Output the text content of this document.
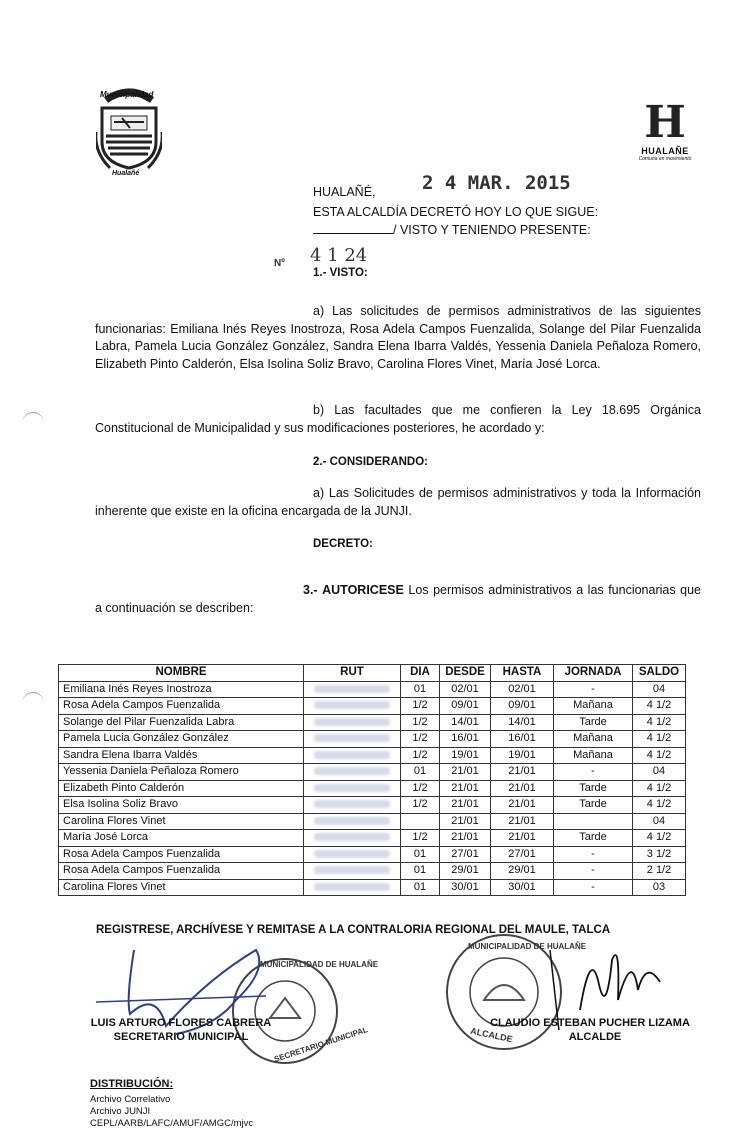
Municipalidad
Hualañé
H
HUALAÑE
Comuna en movimiento
HUALAÑÉ, 2 4 MAR. 2015
ESTA ALCALDÍA DECRETÓ HOY LO QUE SIGUE:
/ VISTO Y TENIENDO PRESENTE:
Nº 4 1 24
1.- VISTO:
a) Las solicitudes de permisos administrativos de las siguientes funcionarias: Emiliana Inés Reyes Inostroza, Rosa Adela Campos Fuenzalida, Solange del Pilar Fuenzalida Labra, Pamela Lucia González González, Sandra Elena Ibarra Valdés, Yessenia Daniela Peñaloza Romero, Elizabeth Pinto Calderón, Elsa Isolina Soliz Bravo, Carolina Flores Vinet, María José Lorca.
b) Las facultades que me confieren la Ley 18.695 Orgánica Constitucional de Municipalidad y sus modificaciones posteriores, he acordado y:
2.- CONSIDERANDO:
a) Las Solicitudes de permisos administrativos y toda la Información inherente que existe en la oficina encargada de la JUNJI.
DECRETO:
3.- AUTORICESE Los permisos administrativos a las funcionarias que a continuación se describen:
NOMBRE	RUT	DIA	DESDE	HASTA	JORNADA	SALDO
Emiliana Inés Reyes Inostroza		01	02/01	02/01	-	04
Rosa Adela Campos Fuenzalida		1/2	09/01	09/01	Mañana	4 1/2
Solange del Pilar Fuenzalida Labra		1/2	14/01	14/01	Tarde	4 1/2
Pamela Lucia González González		1/2	16/01	16/01	Mañana	4 1/2
Sandra Elena Ibarra Valdés		1/2	19/01	19/01	Mañana	4 1/2
Yessenia Daniela Peñaloza Romero		01	21/01	21/01	-	04
Elizabeth Pinto Calderón		1/2	21/01	21/01	Tarde	4 1/2
Elsa Isolina Soliz Bravo		1/2	21/01	21/01	Tarde	4 1/2
Carolina Flores Vinet			21/01	21/01		04
María José Lorca		1/2	21/01	21/01	Tarde	4 1/2
Rosa Adela Campos Fuenzalida		01	27/01	27/01	-	3 1/2
Rosa Adela Campos Fuenzalida		01	29/01	29/01	-	2 1/2
Carolina Flores Vinet		01	30/01	30/01	-	03
REGISTRESE, ARCHÍVESE Y REMITASE A LA CONTRALORIA REGIONAL DEL MAULE, TALCA
MUNICIPALIDAD DE HUALAÑE
SECRETARIO MUNICIPAL
LUIS ARTURO FLORES CABRERA
SECRETARIO MUNICIPAL
MUNICIPALIDAD DE HUALAÑE
ALCALDE
CLAUDIO ESTEBAN PUCHER LIZAMA
ALCALDE
DISTRIBUCIÓN:
Archivo Correlativo
Archivo JUNJI
CEPL/AARB/LAFC/AMUF/AMGC/mjvc
